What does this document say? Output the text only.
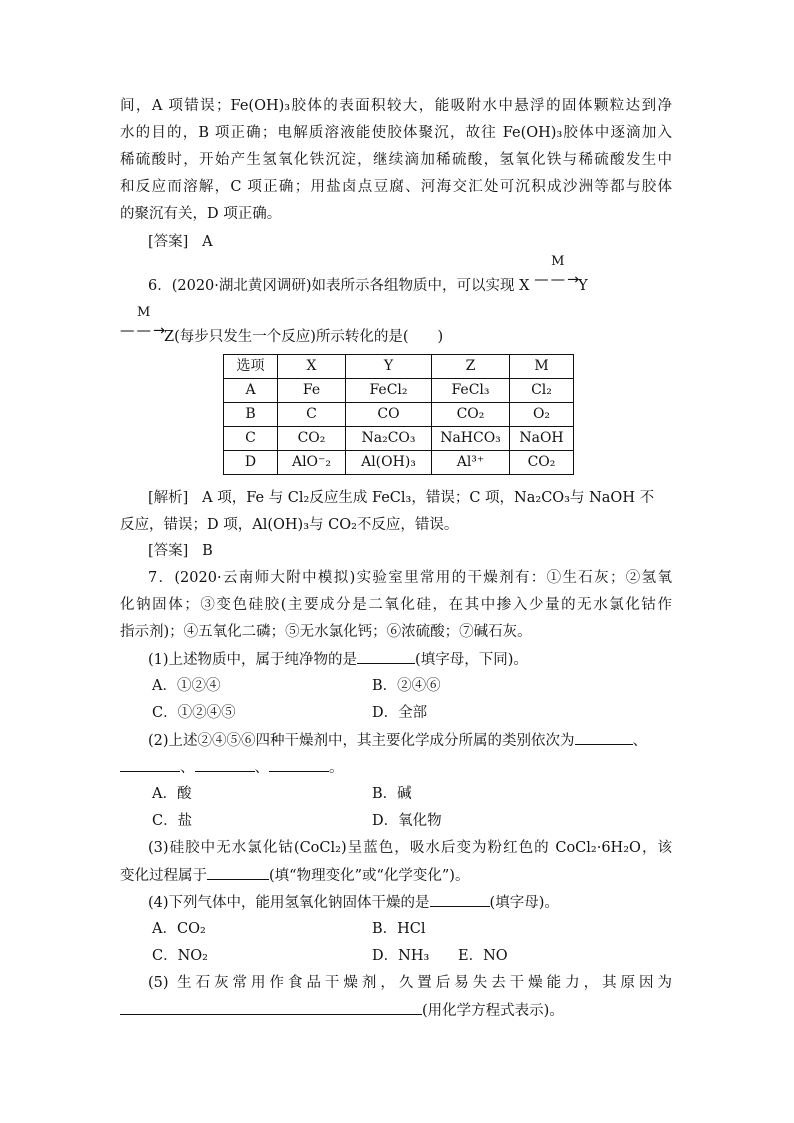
间，A 项错误；Fe(OH)₃胶体的表面积较大，能吸附水中悬浮的固体颗粒达到净
水的目的，B 项正确；电解质溶液能使胶体聚沉，故往 Fe(OH)₃胶体中逐滴加入
稀硫酸时，开始产生氢氧化铁沉淀，继续滴加稀硫酸，氢氧化铁与稀硫酸发生中
和反应而溶解，C 项正确；用盐卤点豆腐、河海交汇处可沉积成沙洲等都与胶体
的聚沉有关，D 项正确。
[答案] A
6．(2020·湖北黄冈调研)如表所示各组物质中，可以实现 X
M
——→
Y
M
——→
Z(每步只发生一个反应)所示转化的是(　　)
选项	X	Y	Z	M
A	Fe	FeCl₂	FeCl₃	Cl₂
B	C	CO	CO₂	O₂
C	CO₂	Na₂CO₃	NaHCO₃	NaOH
D	AlO⁻₂	Al(OH)₃	Al³⁺	CO₂
[解析] A 项，Fe 与 Cl₂反应生成 FeCl₃，错误；C 项，Na₂CO₃与 NaOH 不
反应，错误；D 项，Al(OH)₃与 CO₂不反应，错误。
[答案] B
7．(2020·云南师大附中模拟)实验室里常用的干燥剂有：①生石灰；②氢氧
化钠固体；③变色硅胶(主要成分是二氧化硅，在其中掺入少量的无水氯化钴作
指示剂)；④五氧化二磷；⑤无水氯化钙；⑥浓硫酸；⑦碱石灰。
(1)上述物质中，属于纯净物的是	(填字母，下同)。
A．①②④	B．②④⑥
C．①②④⑤	D．全部
(2)上述②④⑤⑥四种干燥剂中，其主要化学成分所属的类别依次为	、
、	、	。
A．酸	B．碱
C．盐	D．氧化物
(3)硅胶中无水氯化钴(CoCl₂)呈蓝色，吸水后变为粉红色的 CoCl₂·6H₂O，该
变化过程属于	(填“物理变化”或“化学变化”)。
(4)下列气体中，能用氢氧化钠固体干燥的是	(填字母)。
A．CO₂	B．HCl
C．NO₂	D．NH₃ E．NO
(5) 生石灰常用作食品干燥剂，久置后易失去干燥能力，其原因为
(用化学方程式表示)。
